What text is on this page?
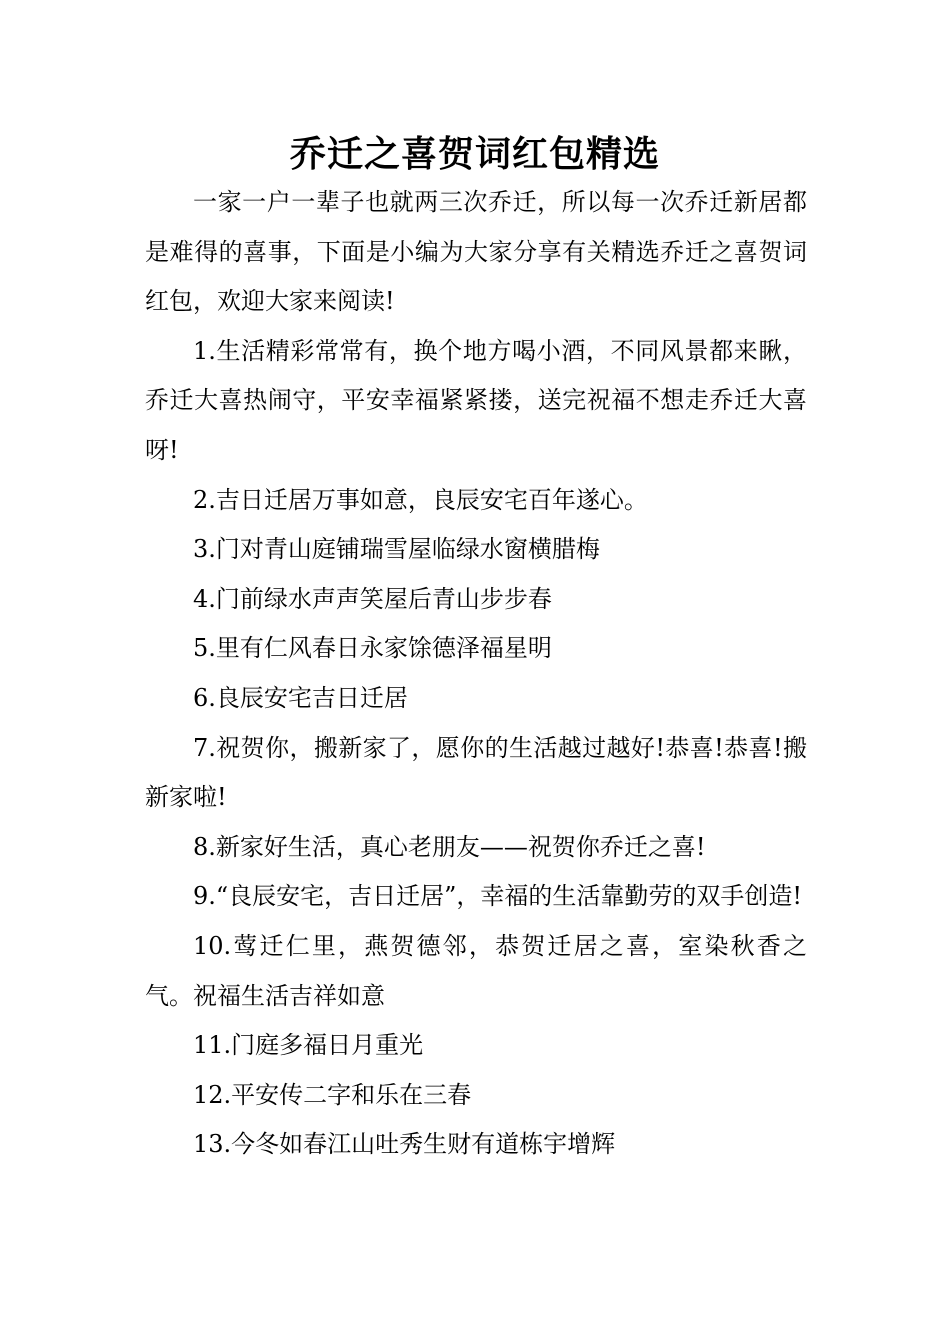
乔迁之喜贺词红包精选

一家一户一辈子也就两三次乔迁，所以每一次乔迁新居都是难得的喜事，下面是小编为大家分享有关精选乔迁之喜贺词红包，欢迎大家来阅读!

1.生活精彩常常有，换个地方喝小酒，不同风景都来瞅，乔迁大喜热闹守，平安幸福紧紧搂，送完祝福不想走乔迁大喜呀!

2.吉日迁居万事如意，良辰安宅百年遂心。

3.门对青山庭铺瑞雪屋临绿水窗横腊梅

4.门前绿水声声笑屋后青山步步春

5.里有仁风春日永家馀德泽福星明

6.良辰安宅吉日迁居

7.祝贺你，搬新家了，愿你的生活越过越好!恭喜!恭喜!搬新家啦!

8.新家好生活，真心老朋友——祝贺你乔迁之喜!

9.“良辰安宅，吉日迁居”，幸福的生活靠勤劳的双手创造!

10.莺迁仁里，燕贺德邻，恭贺迁居之喜，室染秋香之气。祝福生活吉祥如意

11.门庭多福日月重光

12.平安传二字和乐在三春

13.今冬如春江山吐秀生财有道栋宇增辉
